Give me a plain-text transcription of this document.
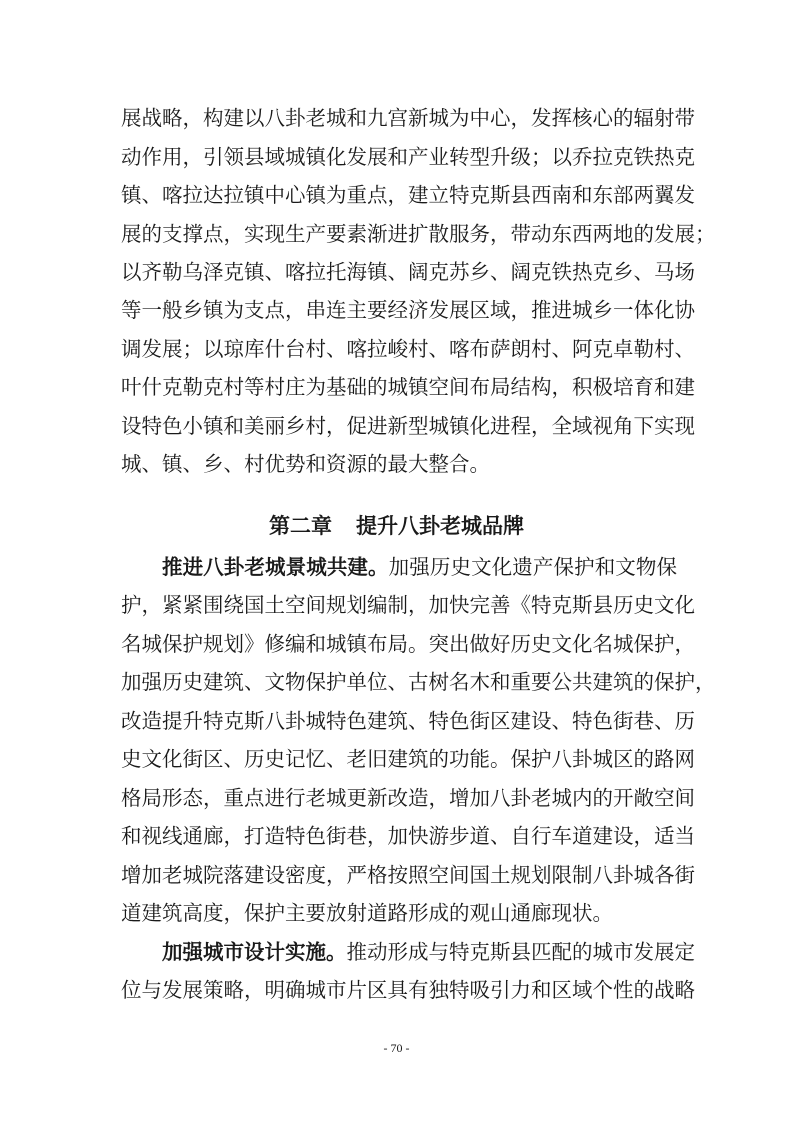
展战略，构建以八卦老城和九宫新城为中心，发挥核心的辐射带
动作用，引领县域城镇化发展和产业转型升级；以乔拉克铁热克
镇、喀拉达拉镇中心镇为重点，建立特克斯县西南和东部两翼发
展的支撑点，实现生产要素渐进扩散服务，带动东西两地的发展；
以齐勒乌泽克镇、喀拉托海镇、阔克苏乡、阔克铁热克乡、马场
等一般乡镇为支点，串连主要经济发展区域，推进城乡一体化协
调发展；以琼库什台村、喀拉峻村、喀布萨朗村、阿克卓勒村、
叶什克勒克村等村庄为基础的城镇空间布局结构，积极培育和建
设特色小镇和美丽乡村，促进新型城镇化进程，全域视角下实现
城、镇、乡、村优势和资源的最大整合。
第二章 提升八卦老城品牌
推进八卦老城景城共建。加强历史文化遗产保护和文物保
护，紧紧围绕国土空间规划编制，加快完善《特克斯县历史文化
名城保护规划》修编和城镇布局。突出做好历史文化名城保护，
加强历史建筑、文物保护单位、古树名木和重要公共建筑的保护，
改造提升特克斯八卦城特色建筑、特色街区建设、特色街巷、历
史文化街区、历史记忆、老旧建筑的功能。保护八卦城区的路网
格局形态，重点进行老城更新改造，增加八卦老城内的开敞空间
和视线通廊，打造特色街巷，加快游步道、自行车道建设，适当
增加老城院落建设密度，严格按照空间国土规划限制八卦城各街
道建筑高度，保护主要放射道路形成的观山通廊现状。
加强城市设计实施。推动形成与特克斯县匹配的城市发展定
位与发展策略，明确城市片区具有独特吸引力和区域个性的战略
- 70 -
